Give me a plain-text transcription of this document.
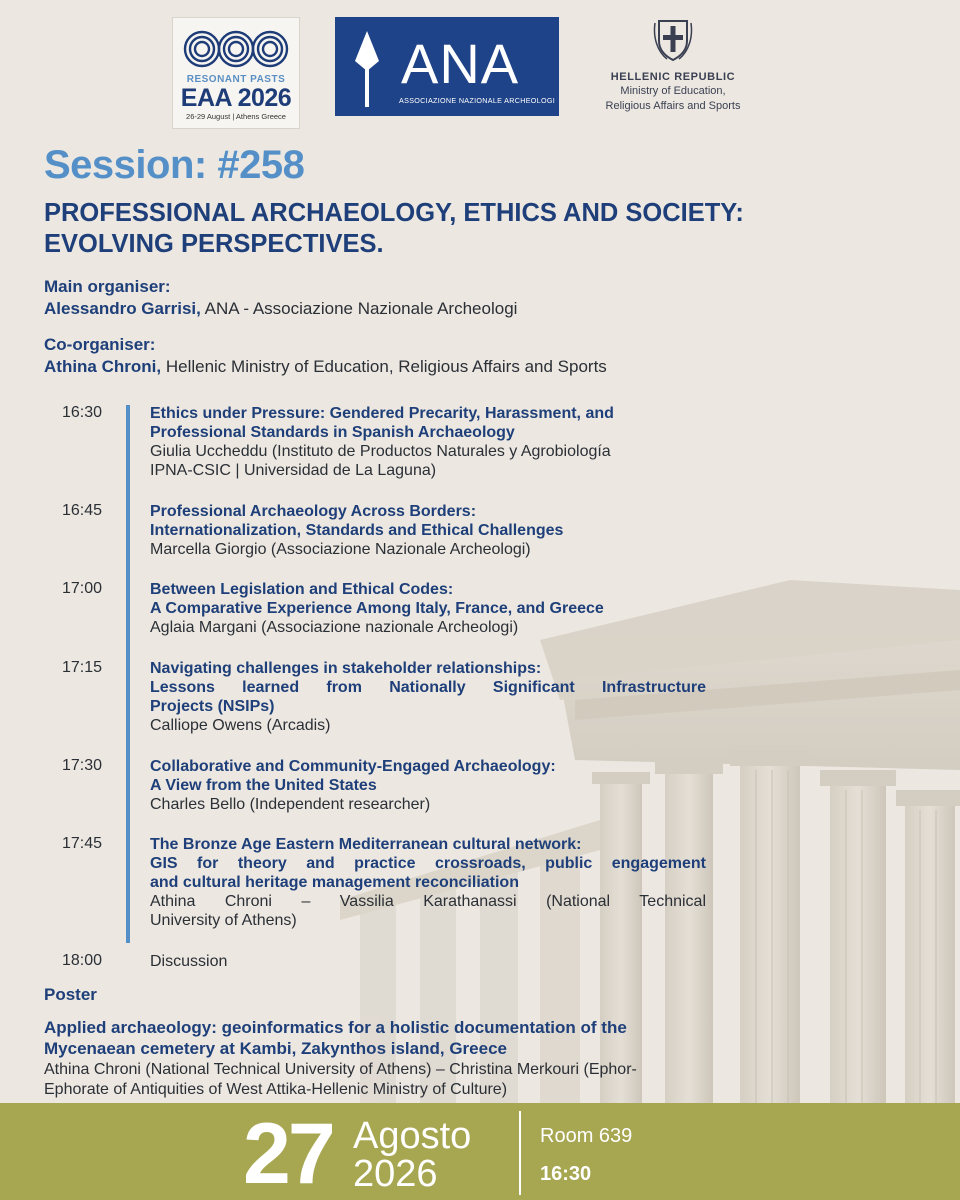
RESONANT PASTS
EAA 2026
26-29 August | Athens Greece
ANA
ASSOCIAZIONE NAZIONALE ARCHEOLOGI
HELLENIC REPUBLIC
Ministry of Education,
Religious Affairs and Sports
Session: #258
PROFESSIONAL ARCHAEOLOGY, ETHICS AND SOCIETY:
EVOLVING PERSPECTIVES.
Main organiser:
Alessandro Garrisi, ANA - Associazione Nazionale Archeologi
Co-organiser:
Athina Chroni, Hellenic Ministry of Education, Religious Affairs and Sports
16:30	Ethics under Pressure: Gendered Precarity, Harassment, and
Professional Standards in Spanish Archaeology
Giulia Uccheddu (Instituto de Productos Naturales y Agrobiología
IPNA-CSIC | Universidad de La Laguna)
16:45	Professional Archaeology Across Borders:
Internationalization, Standards and Ethical Challenges
Marcella Giorgio (Associazione Nazionale Archeologi)
17:00	Between Legislation and Ethical Codes:
A Comparative Experience Among Italy, France, and Greece
Aglaia Margani (Associazione nazionale Archeologi)
17:15	Navigating challenges in stakeholder relationships:
Lessons learned from Nationally Significant Infrastructure
Projects (NSIPs)
Calliope Owens (Arcadis)
17:30	Collaborative and Community-Engaged Archaeology:
A View from the United States
Charles Bello (Independent researcher)
17:45	The Bronze Age Eastern Mediterranean cultural network:
GIS for theory and practice crossroads, public engagement
and cultural heritage management reconciliation
Athina Chroni – Vassilia Karathanassi (National Technical
University of Athens)
18:00	Discussion
Poster
Applied archaeology: geoinformatics for a holistic documentation of the
Mycenaean cemetery at Kambi, Zakynthos island, Greece
Athina Chroni (National Technical University of Athens) – Christina Merkouri (Ephor-
Ephorate of Antiquities of West Attika-Hellenic Ministry of Culture)
27 Agosto
2026
Room 639
16:30
